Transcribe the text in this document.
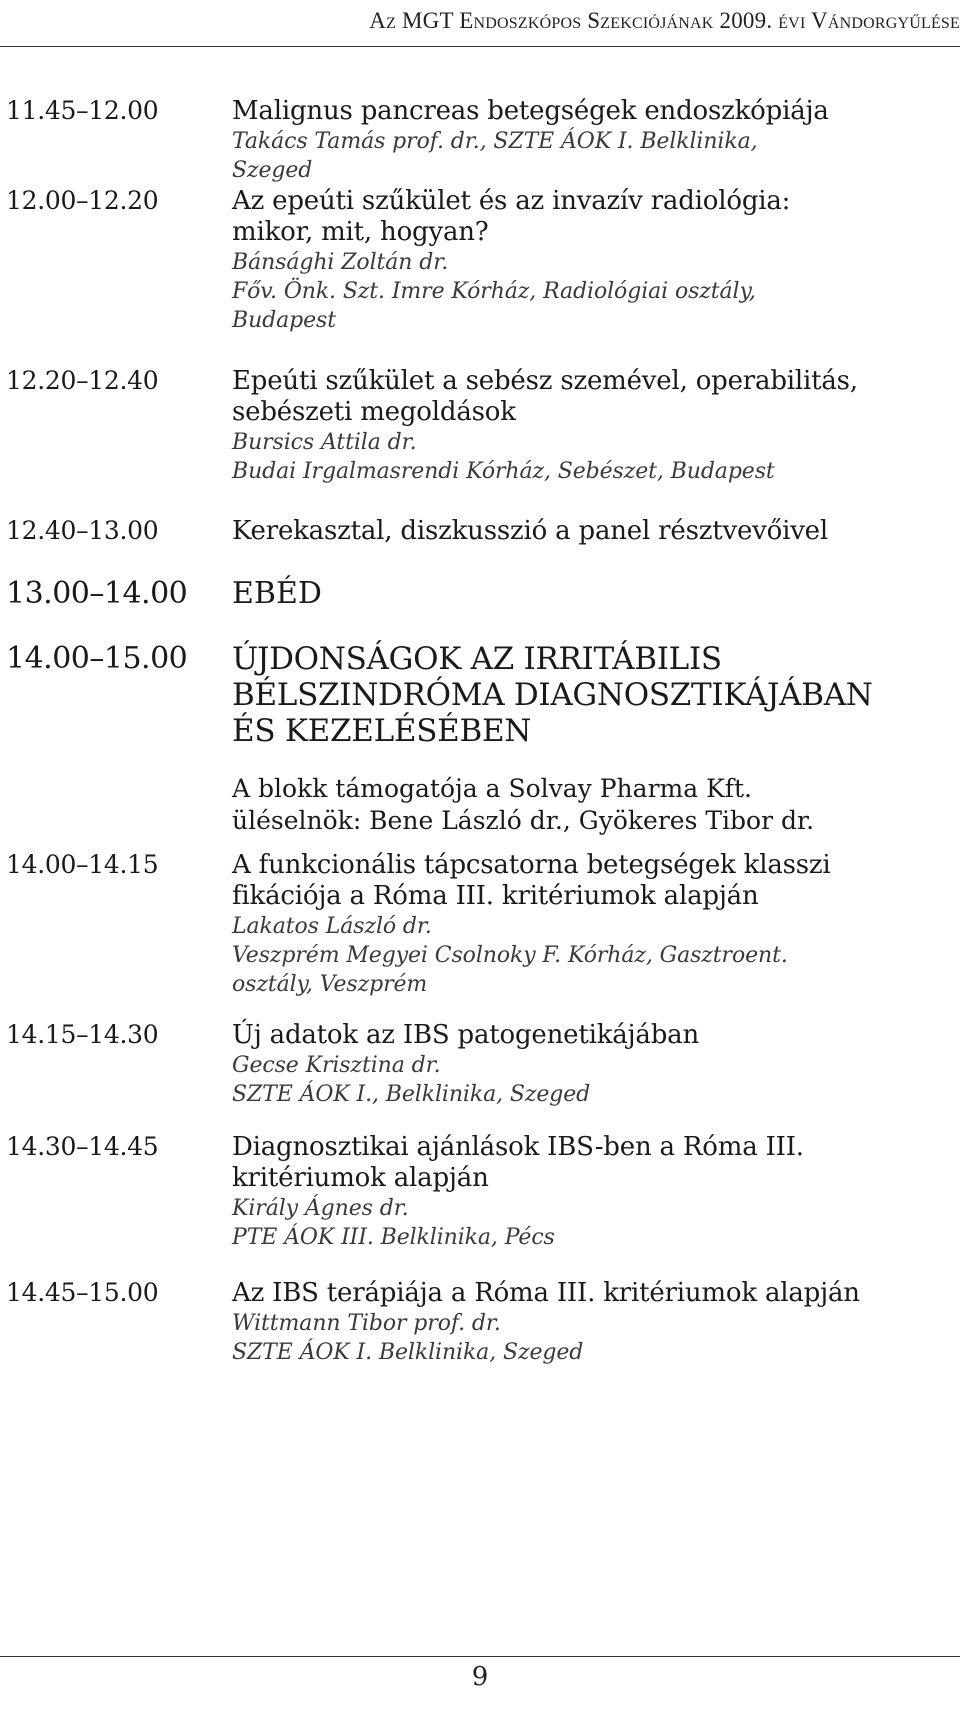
Az MGT Endoszkópos Szekciójának 2009. évi Vándorgyűlése
11.45–12.00	Malignus pancreas betegségek endoszkópiája
Takács Tamás prof. dr., SZTE ÁOK I. Belklinika,
Szeged
12.00–12.20	Az epeúti szűkület és az invazív radiológia:
mikor, mit, hogyan?
Bánsághi Zoltán dr.
Főv. Önk. Szt. Imre Kórház, Radiológiai osztály,
Budapest
12.20–12.40	Epeúti szűkület a sebész szemével, operabilitás,
sebészeti megoldások
Bursics Attila dr.
Budai Irgalmasrendi Kórház, Sebészet, Budapest
12.40–13.00	Kerekasztal, diszkusszió a panel résztvevőivel
13.00–14.00 EBÉD
14.00–15.00 ÚJDONSÁGOK AZ IRRITÁBILIS
BÉLSZINDRÓMA DIAGNOSZTIKÁJÁBAN
ÉS KEZELÉSÉBEN
A blokk támogatója a Solvay Pharma Kft.
üléselnök: Bene László dr., Gyökeres Tibor dr.
14.00–14.15	A funkcionális tápcsatorna betegségek klasszi
fikációja a Róma III. kritériumok alapján
Lakatos László dr.
Veszprém Megyei Csolnoky F. Kórház, Gasztroent.
osztály, Veszprém
14.15–14.30	Új adatok az IBS patogenetikájában
Gecse Krisztina dr.
SZTE ÁOK I., Belklinika, Szeged
14.30–14.45	Diagnosztikai ajánlások IBS-ben a Róma III.
kritériumok alapján
Király Ágnes dr.
PTE ÁOK III. Belklinika, Pécs
14.45–15.00	Az IBS terápiája a Róma III. kritériumok alapján
Wittmann Tibor prof. dr.
SZTE ÁOK I. Belklinika, Szeged
9
